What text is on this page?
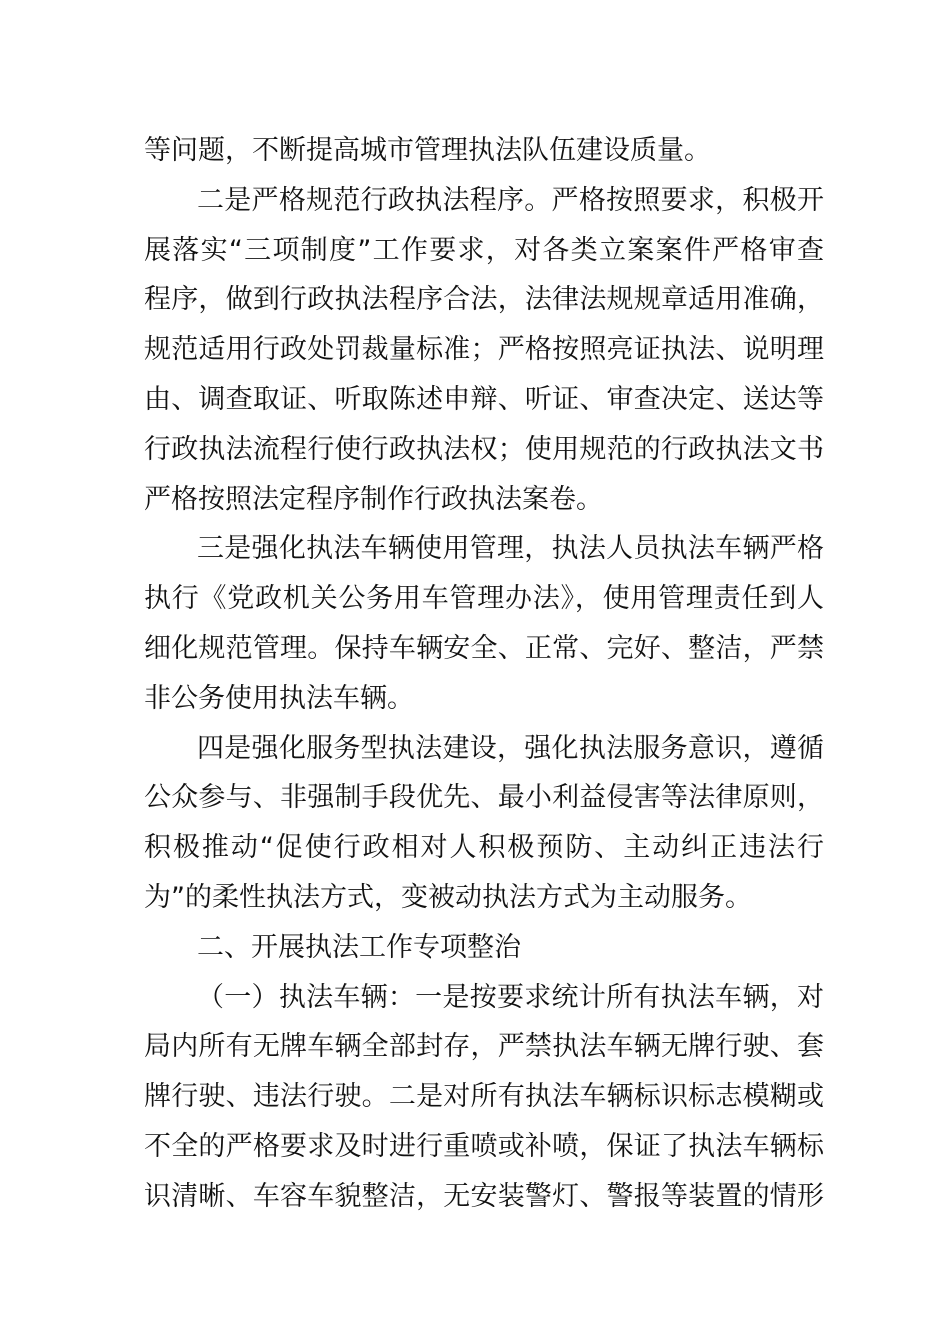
等问题，不断提高城市管理执法队伍建设质量。
二是严格规范行政执法程序。严格按照要求，积极开
展落实“三项制度”工作要求，对各类立案案件严格审查
程序，做到行政执法程序合法，法律法规规章适用准确，
规范适用行政处罚裁量标准；严格按照亮证执法、说明理
由、调查取证、听取陈述申辩、听证、审查决定、送达等
行政执法流程行使行政执法权；使用规范的行政执法文书
严格按照法定程序制作行政执法案卷。
三是强化执法车辆使用管理，执法人员执法车辆严格
执行《党政机关公务用车管理办法》，使用管理责任到人
细化规范管理。保持车辆安全、正常、完好、整洁，严禁
非公务使用执法车辆。
四是强化服务型执法建设，强化执法服务意识，遵循
公众参与、非强制手段优先、最小利益侵害等法律原则，
积极推动“促使行政相对人积极预防、主动纠正违法行
为”的柔性执法方式，变被动执法方式为主动服务。
二、开展执法工作专项整治
（一）执法车辆：一是按要求统计所有执法车辆，对
局内所有无牌车辆全部封存，严禁执法车辆无牌行驶、套
牌行驶、违法行驶。二是对所有执法车辆标识标志模糊或
不全的严格要求及时进行重喷或补喷，保证了执法车辆标
识清晰、车容车貌整洁，无安装警灯、警报等装置的情形
